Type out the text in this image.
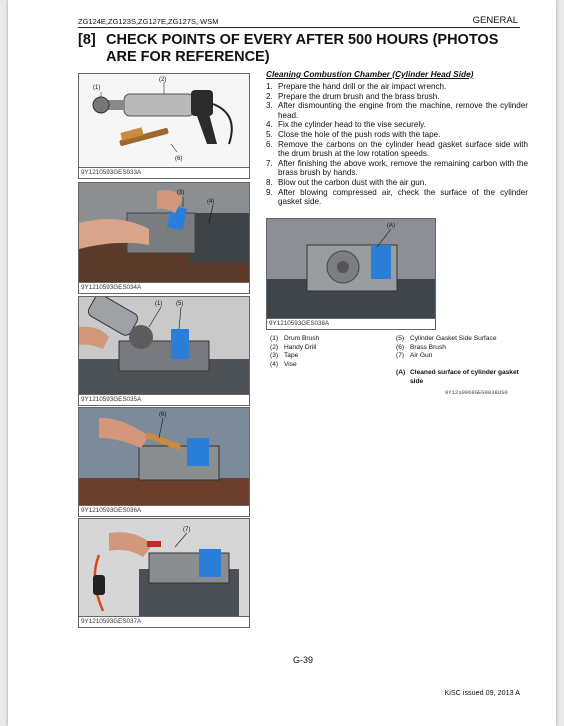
ZG124E,ZG123S,ZG127E,ZG127S, WSM	GENERAL
[8] CHECK POINTS OF EVERY AFTER 500 HOURS (PHOTOS ARE FOR REFERENCE)
(1)
(2)
(6)
9Y1210593GES033A
(3)
(4)
9Y1210593GES034A
(1) (5)
9Y1210593GES035A
(6)
9Y1210593GES036A
(7)
9Y1210593GES037A
Cleaning Combustion Chamber (Cylinder Head Side)
1. Prepare the hand drill or the air impact wrench.
2. Prepare the drum brush and the brass brush.
3. After dismounting the engine from the machine, remove the cylinder head.
4. Fix the cylinder head to the vise securely.
5. Close the hole of the push rods with the tape.
6. Remove the carbons on the cylinder head gasket surface side with the drum brush at the low rotation speeds.
7. After finishing the above work, remove the remaining carbon with the brass brush by hands.
8. Blow out the carbon dust with the air gun.
9. After blowing compressed air, check the surface of the cylinder gasket side.
(A)
9Y1210593GES038A
(1) Drum Brush
(2) Handy Drill
(3) Tape
(4) Vise
(5) Cylinder Gasket Side Surface
(6) Brass Brush
(7) Air Gun
(A) Cleaned surface of cylinder gasket side
9Y1210968GEG0038US0
G-39
KiSC issued 09, 2013 A
